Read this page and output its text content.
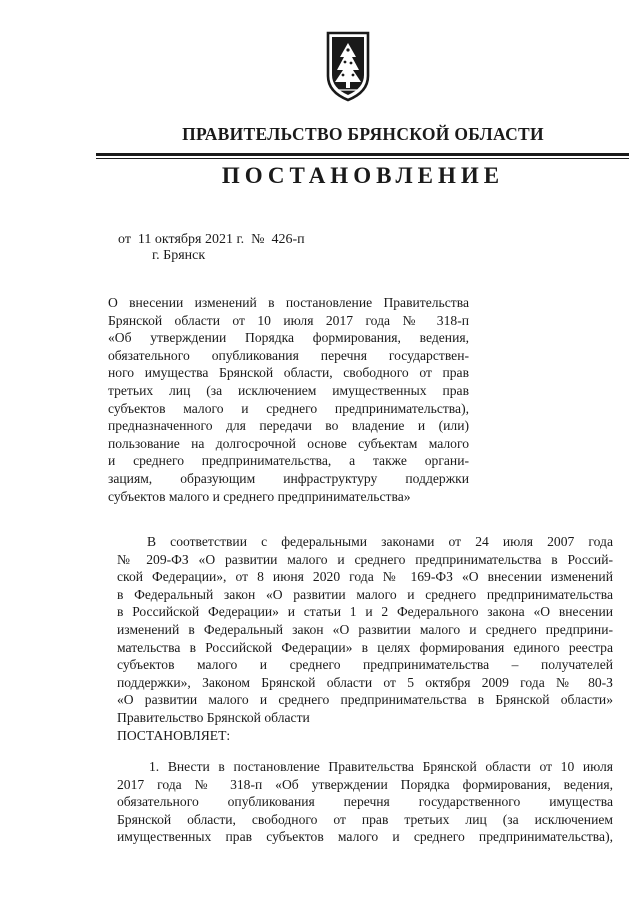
ПРАВИТЕЛЬСТВО БРЯНСКОЙ ОБЛАСТИ
ПОСТАНОВЛЕНИЕ
от  11 октября 2021 г.  №  426-п
г. Брянск
О внесении изменений в постановление Правительства
Брянской области от 10 июля 2017 года № 318-п
«Об утверждении Порядка формирования, ведения,
обязательного опубликования перечня государствен-
ного имущества Брянской области, свободного от прав
третьих лиц (за исключением имущественных прав
субъектов малого и среднего предпринимательства),
предназначенного для передачи во владение и (или)
пользование на долгосрочной основе субъектам малого
и среднего предпринимательства, а также органи-
зациям, образующим инфраструктуру поддержки
субъектов малого и среднего предпринимательства»
В соответствии с федеральными законами от 24 июля 2007 года
№ 209-ФЗ «О развитии малого и среднего предпринимательства в Россий-
ской Федерации», от 8 июня 2020 года № 169-ФЗ «О внесении изменений
в Федеральный закон «О развитии малого и среднего предпринимательства
в Российской Федерации» и статьи 1 и 2 Федерального закона «О внесении
изменений в Федеральный закон «О развитии малого и среднего предприни-
мательства в Российской Федерации» в целях формирования единого реестра
субъектов малого и среднего предпринимательства – получателей
поддержки», Законом Брянской области от 5 октября 2009 года № 80-З
«О развитии малого и среднего предпринимательства в Брянской области»
Правительство Брянской области
ПОСТАНОВЛЯЕТ:
1. Внести в постановление Правительства Брянской области от 10 июля
2017 года № 318-п «Об утверждении Порядка формирования, ведения,
обязательного опубликования перечня государственного имущества
Брянской области, свободного от прав третьих лиц (за исключением
имущественных прав субъектов малого и среднего предпринимательства),
